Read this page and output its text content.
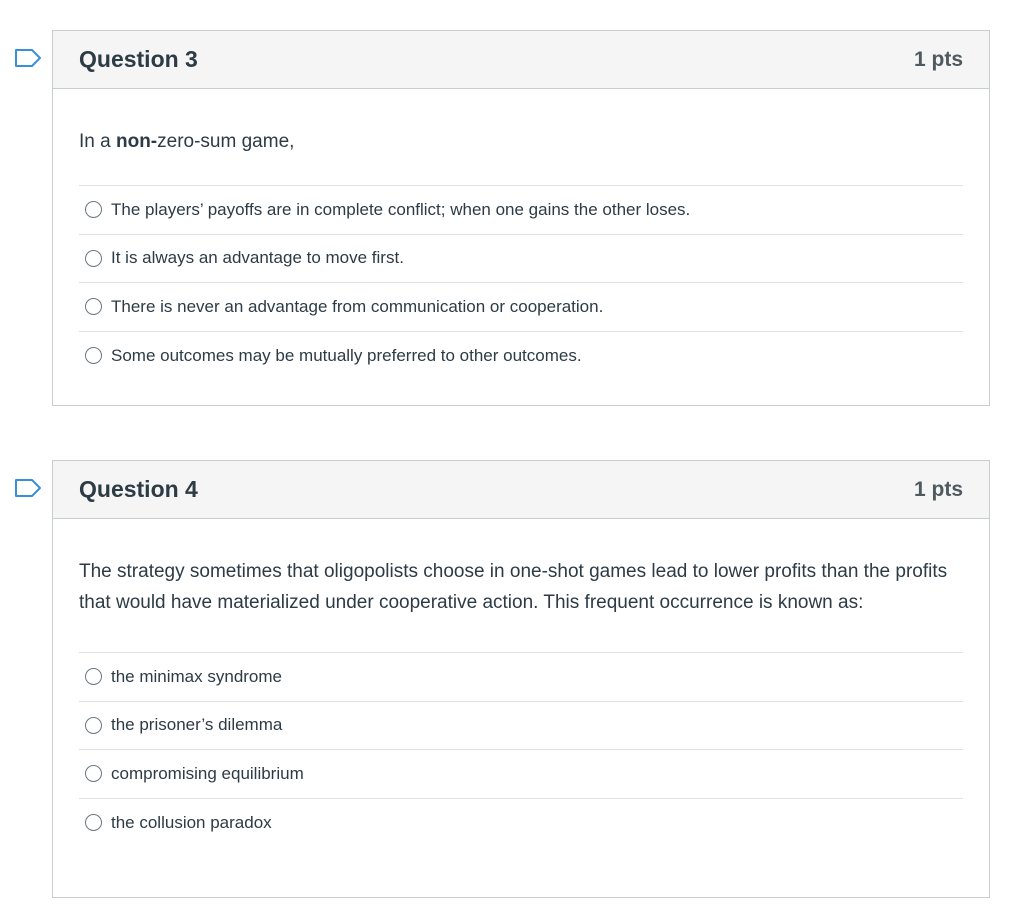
Question 3	1 pts
In a non-zero-sum game,
The players’ payoffs are in complete conflict; when one gains the other loses.
It is always an advantage to move first.
There is never an advantage from communication or cooperation.
Some outcomes may be mutually preferred to other outcomes.
Question 4	1 pts
The strategy sometimes that oligopolists choose in one-shot games lead to lower profits than the profits that would have materialized under cooperative action. This frequent occurrence is known as:
the minimax syndrome
the prisoner’s dilemma
compromising equilibrium
the collusion paradox
